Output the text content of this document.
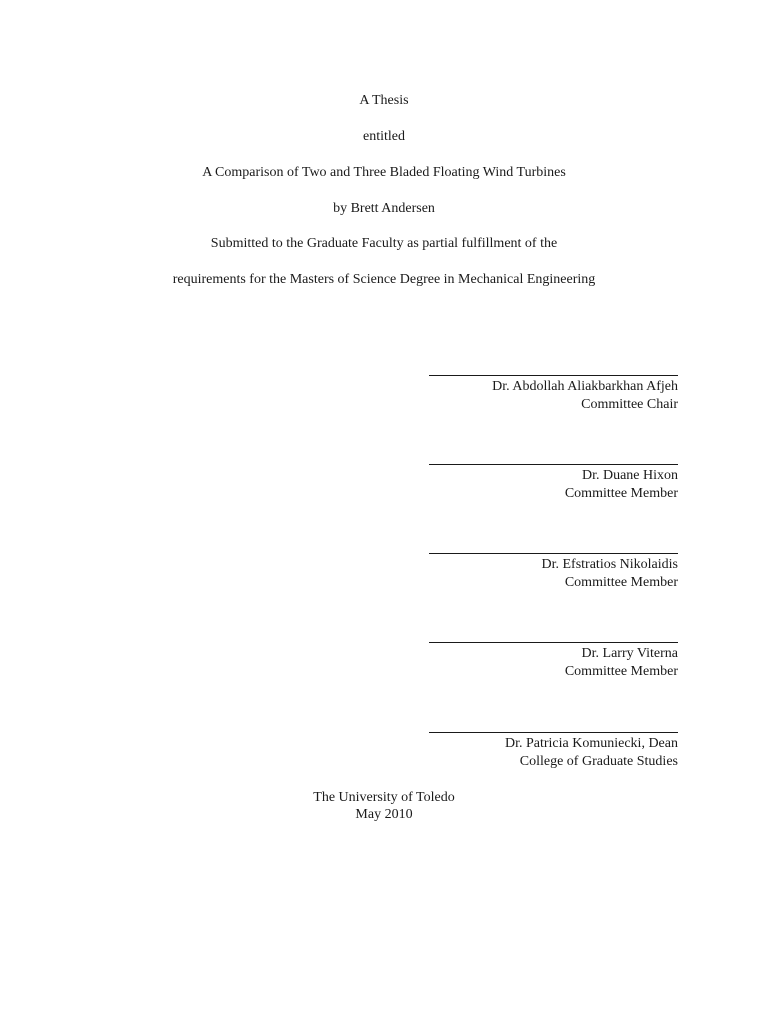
A Thesis
entitled
A Comparison of Two and Three Bladed Floating Wind Turbines
by Brett Andersen
Submitted to the Graduate Faculty as partial fulfillment of the
requirements for the Masters of Science Degree in Mechanical Engineering
Dr. Abdollah Aliakbarkhan Afjeh
Committee Chair
Dr. Duane Hixon
Committee Member
Dr. Efstratios Nikolaidis
Committee Member
Dr. Larry Viterna
Committee Member
Dr. Patricia Komuniecki, Dean
College of Graduate Studies
The University of Toledo
May 2010
